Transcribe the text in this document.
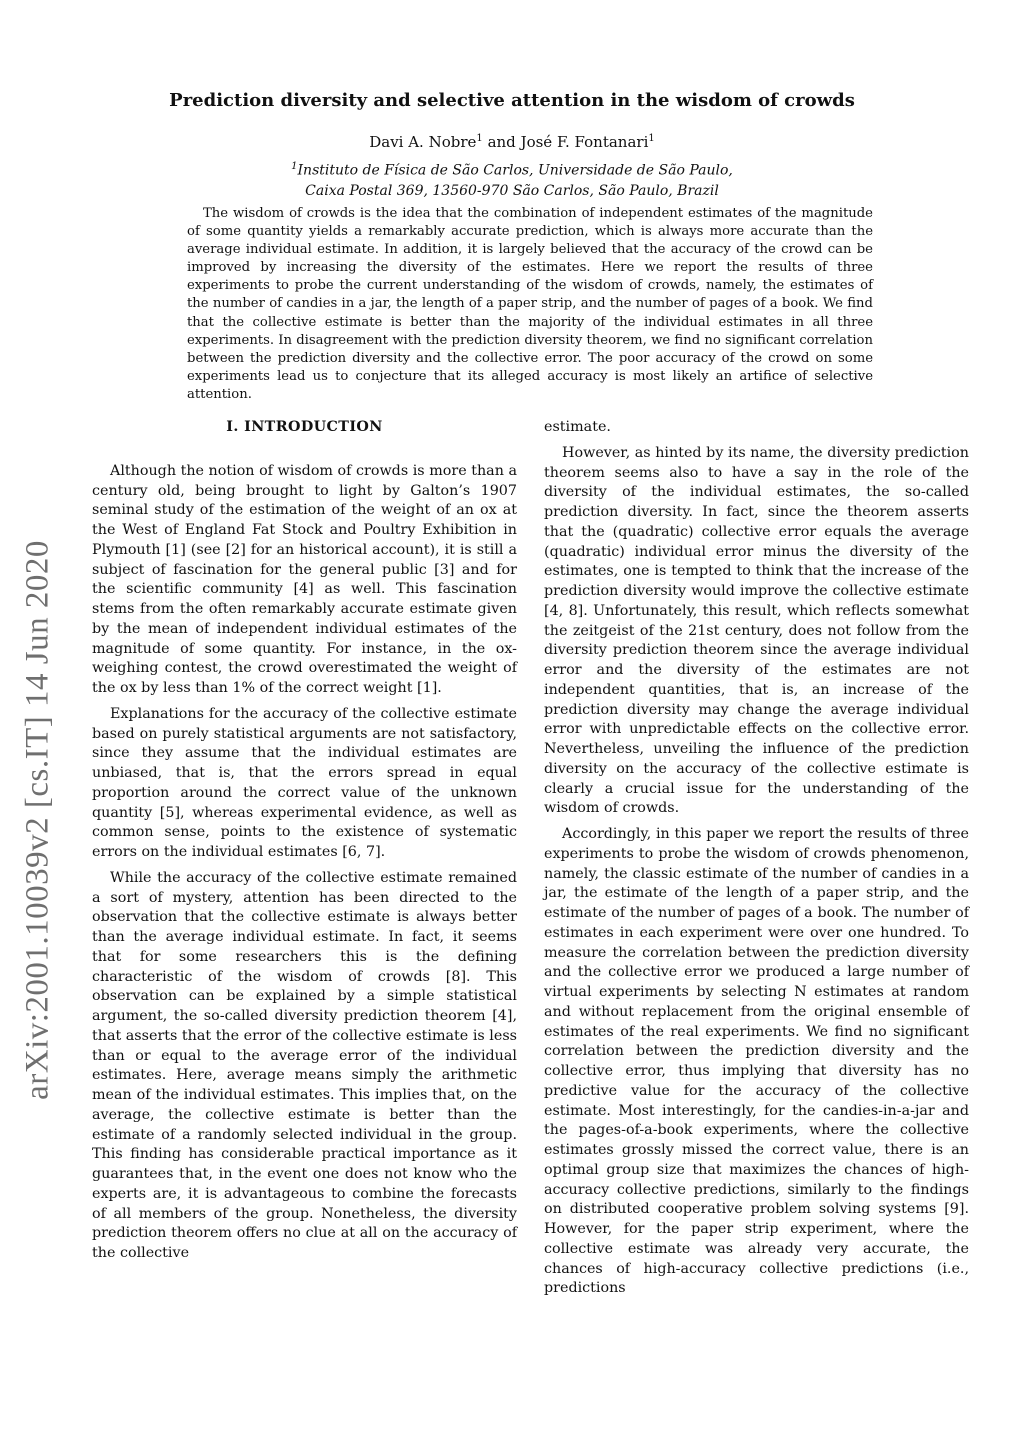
arXiv:2001.10039v2 [cs.IT] 14 Jun 2020
Prediction diversity and selective attention in the wisdom of crowds
Davi A. Nobre$^1$ and José F. Fontanari$^1$
$^1$Instituto de Física de São Carlos, Universidade de São Paulo,
Caixa Postal 369, 13560-970 São Carlos, São Paulo, Brazil

The wisdom of crowds is the idea that the combination of independent estimates of the magnitude of some quantity yields a remarkably accurate prediction, which is always more accurate than the average individual estimate. In addition, it is largely believed that the accuracy of the crowd can be improved by increasing the diversity of the estimates. Here we report the results of three experiments to probe the current understanding of the wisdom of crowds, namely, the estimates of the number of candies in a jar, the length of a paper strip, and the number of pages of a book. We find that the collective estimate is better than the majority of the individual estimates in all three experiments. In disagreement with the prediction diversity theorem, we find no significant correlation between the prediction diversity and the collective error. The poor accuracy of the crowd on some experiments lead us to conjecture that its alleged accuracy is most likely an artifice of selective attention.

I. INTRODUCTION

Although the notion of wisdom of crowds is more than a century old, being brought to light by Galton’s 1907 seminal study of the estimation of the weight of an ox at the West of England Fat Stock and Poultry Exhibition in Plymouth [1] (see [2] for an historical account), it is still a subject of fascination for the general public [3] and for the scientific community [4] as well. This fascination stems from the often remarkably accurate estimate given by the mean of independent individual estimates of the magnitude of some quantity. For instance, in the ox-weighing contest, the crowd overestimated the weight of the ox by less than 1% of the correct weight [1].

Explanations for the accuracy of the collective estimate based on purely statistical arguments are not satisfactory, since they assume that the individual estimates are unbiased, that is, that the errors spread in equal proportion around the correct value of the unknown quantity [5], whereas experimental evidence, as well as common sense, points to the existence of systematic errors on the individual estimates [6, 7].

While the accuracy of the collective estimate remained a sort of mystery, attention has been directed to the observation that the collective estimate is always better than the average individual estimate. In fact, it seems that for some researchers this is the defining characteristic of the wisdom of crowds [8]. This observation can be explained by a simple statistical argument, the so-called diversity prediction theorem [4], that asserts that the error of the collective estimate is less than or equal to the average error of the individual estimates. Here, average means simply the arithmetic mean of the individual estimates. This implies that, on the average, the collective estimate is better than the estimate of a randomly selected individual in the group. This finding has considerable practical importance as it guarantees that, in the event one does not know who the experts are, it is advantageous to combine the forecasts of all members of the group. Nonetheless, the diversity prediction theorem offers no clue at all on the accuracy of the collective

estimate.

However, as hinted by its name, the diversity prediction theorem seems also to have a say in the role of the diversity of the individual estimates, the so-called prediction diversity. In fact, since the theorem asserts that the (quadratic) collective error equals the average (quadratic) individual error minus the diversity of the estimates, one is tempted to think that the increase of the prediction diversity would improve the collective estimate [4, 8]. Unfortunately, this result, which reflects somewhat the zeitgeist of the 21st century, does not follow from the diversity prediction theorem since the average individual error and the diversity of the estimates are not independent quantities, that is, an increase of the prediction diversity may change the average individual error with unpredictable effects on the collective error. Nevertheless, unveiling the influence of the prediction diversity on the accuracy of the collective estimate is clearly a crucial issue for the understanding of the wisdom of crowds.

Accordingly, in this paper we report the results of three experiments to probe the wisdom of crowds phenomenon, namely, the classic estimate of the number of candies in a jar, the estimate of the length of a paper strip, and the estimate of the number of pages of a book. The number of estimates in each experiment were over one hundred. To measure the correlation between the prediction diversity and the collective error we produced a large number of virtual experiments by selecting N estimates at random and without replacement from the original ensemble of estimates of the real experiments. We find no significant correlation between the prediction diversity and the collective error, thus implying that diversity has no predictive value for the accuracy of the collective estimate. Most interestingly, for the candies-in-a-jar and the pages-of-a-book experiments, where the collective estimates grossly missed the correct value, there is an optimal group size that maximizes the chances of high-accuracy collective predictions, similarly to the findings on distributed cooperative problem solving systems [9]. However, for the paper strip experiment, where the collective estimate was already very accurate, the chances of high-accuracy collective predictions (i.e., predictions
